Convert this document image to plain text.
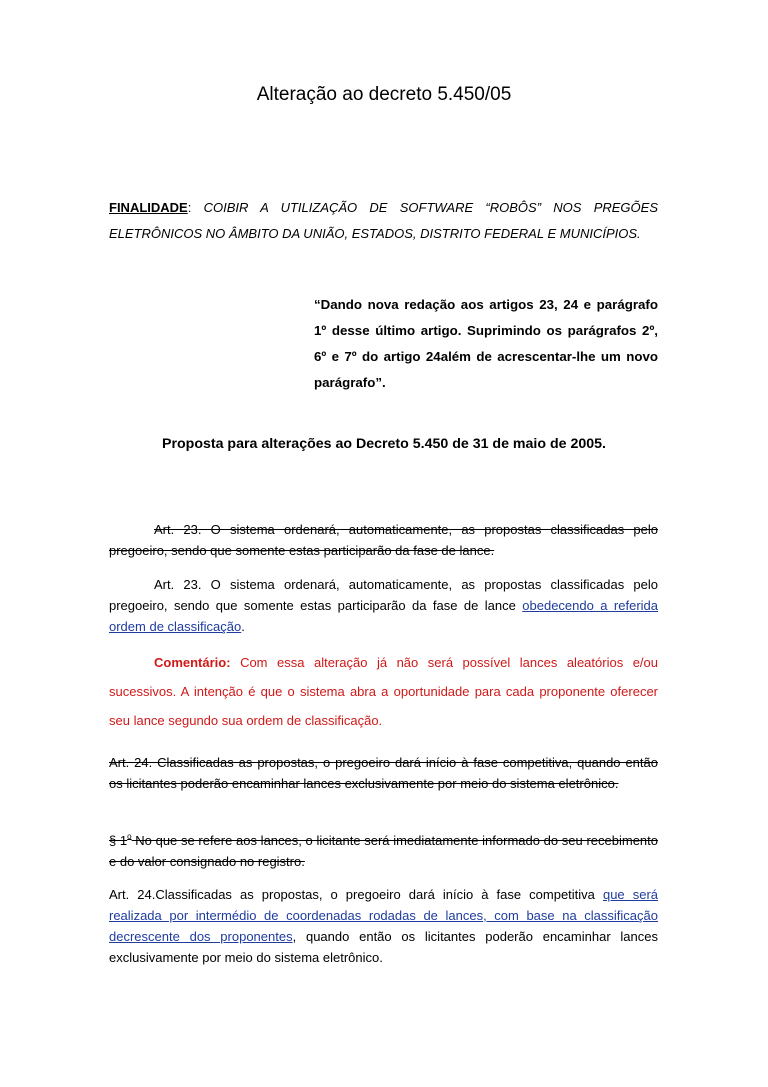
Alteração ao decreto 5.450/05
FINALIDADE: COIBIR A UTILIZAÇÃO DE SOFTWARE “ROBÔS” NOS PREGÕES ELETRÔNICOS NO ÂMBITO DA UNIÃO, ESTADOS, DISTRITO FEDERAL E MUNICÍPIOS.
“Dando nova redação aos artigos 23, 24 e parágrafo 1º desse último artigo. Suprimindo os parágrafos 2º, 6º e 7º do artigo 24além de acrescentar-lhe um novo parágrafo”.
Proposta para alterações ao Decreto 5.450 de 31 de maio de 2005.
Art. 23. O sistema ordenará, automaticamente, as propostas classificadas pelo pregoeiro, sendo que somente estas participarão da fase de lance.
Art. 23. O sistema ordenará, automaticamente, as propostas classificadas pelo pregoeiro, sendo que somente estas participarão da fase de lance obedecendo a referida ordem de classificação.
Comentário: Com essa alteração já não será possível lances aleatórios e/ou sucessivos. A intenção é que o sistema abra a oportunidade para cada proponente oferecer seu lance segundo sua ordem de classificação.
Art. 24. Classificadas as propostas, o pregoeiro dará início à fase competitiva, quando então os licitantes poderão encaminhar lances exclusivamente por meio do sistema eletrônico.
§ 1$^o$ No que se refere aos lances, o licitante será imediatamente informado do seu recebimento e do valor consignado no registro.
Art. 24.Classificadas as propostas, o pregoeiro dará início à fase competitiva que será realizada por intermédio de coordenadas rodadas de lances, com base na classificação decrescente dos proponentes, quando então os licitantes poderão encaminhar lances exclusivamente por meio do sistema eletrônico.
